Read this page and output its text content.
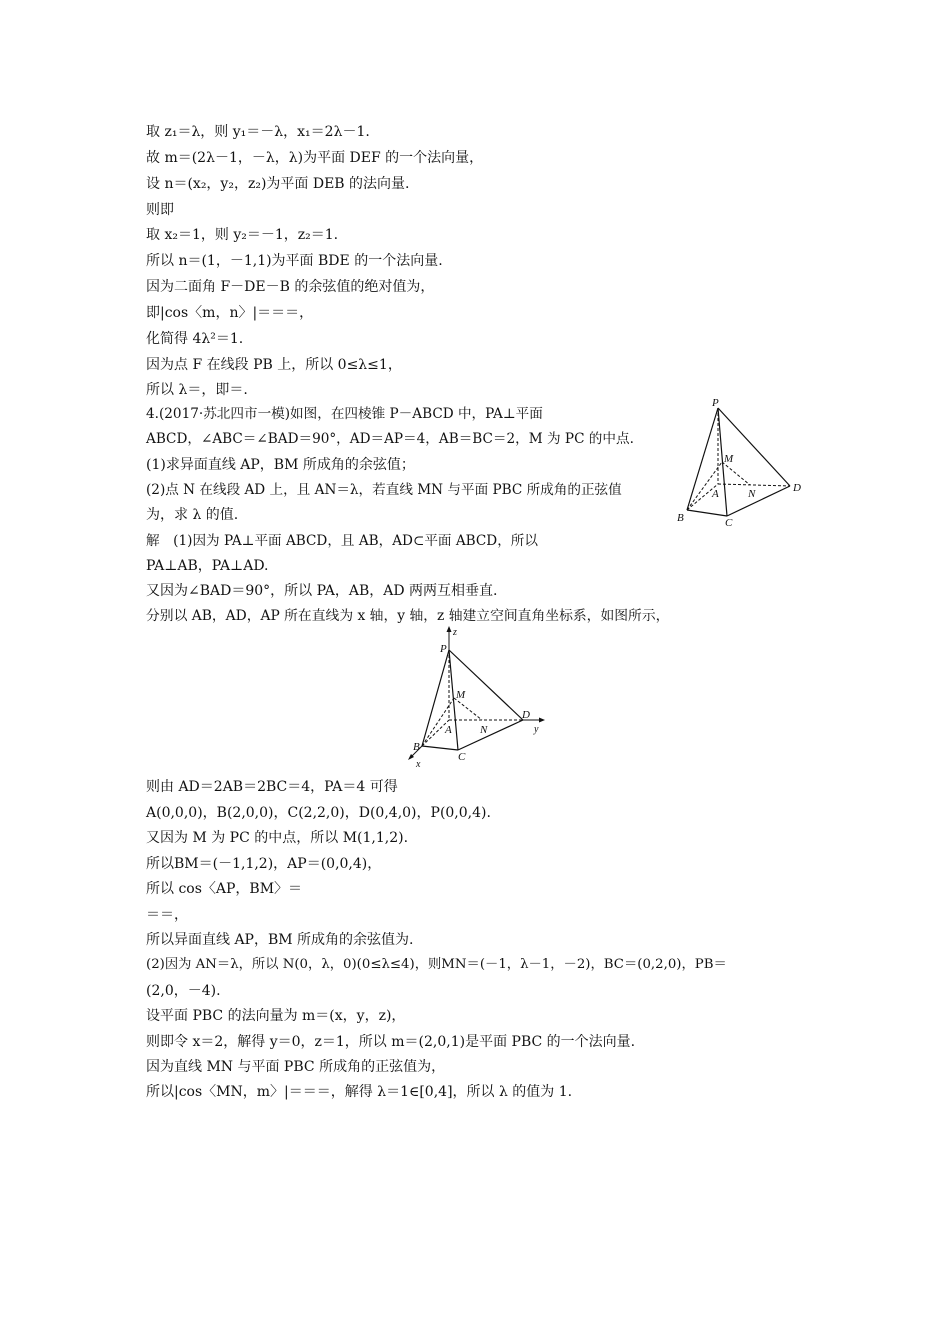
取 z₁＝λ，则 y₁＝－λ，x₁＝2λ－1.
故 m＝(2λ－1，－λ，λ)为平面 DEF 的一个法向量，
设 n＝(x₂，y₂，z₂)为平面 DEB 的法向量.
则即
取 x₂＝1，则 y₂＝－1，z₂＝1.
所以 n＝(1，－1,1)为平面 BDE 的一个法向量.
因为二面角 F－DE－B 的余弦值的绝对值为，
即|cos〈m，n〉|＝＝＝，
化简得 4λ²＝1.
因为点 F 在线段 PB 上，所以 0≤λ≤1，
所以 λ＝，即＝.
4.(2017·苏北四市一模)如图，在四棱锥 P－ABCD 中，PA⊥平面
ABCD，∠ABC＝∠BAD＝90°，AD＝AP＝4，AB＝BC＝2，M 为 PC 的中点.
(1)求异面直线 AP，BM 所成角的余弦值；
(2)点 N 在线段 AD 上，且 AN＝λ，若直线 MN 与平面 PBC 所成角的正弦值
为，求 λ 的值.
解　(1)因为 PA⊥平面 ABCD，且 AB，AD⊂平面 ABCD，所以
PA⊥AB，PA⊥AD.
又因为∠BAD＝90°，所以 PA，AB，AD 两两互相垂直.
分别以 AB，AD，AP 所在直线为 x 轴，y 轴，z 轴建立空间直角坐标系，如图所示，
P
M
A	N	D
B	C
z
y
x
P
M
A	N
D
B
C
则由 AD＝2AB＝2BC＝4，PA＝4 可得
A(0,0,0)，B(2,0,0)，C(2,2,0)，D(0,4,0)，P(0,0,4).
又因为 M 为 PC 的中点，所以 M(1,1,2).
所以BM＝(－1,1,2)，AP＝(0,0,4)，
所以 cos〈AP，BM〉＝
＝＝，
所以异面直线 AP，BM 所成角的余弦值为.
(2)因为 AN＝λ，所以 N(0，λ，0)(0≤λ≤4)，则MN＝(－1，λ－1，－2)，BC＝(0,2,0)，PB＝
(2,0，－4).
设平面 PBC 的法向量为 m＝(x，y，z)，
则即令 x＝2，解得 y＝0，z＝1，所以 m＝(2,0,1)是平面 PBC 的一个法向量.
因为直线 MN 与平面 PBC 所成角的正弦值为，
所以|cos〈MN，m〉|＝＝＝，解得 λ＝1∈[0,4]，所以 λ 的值为 1.
